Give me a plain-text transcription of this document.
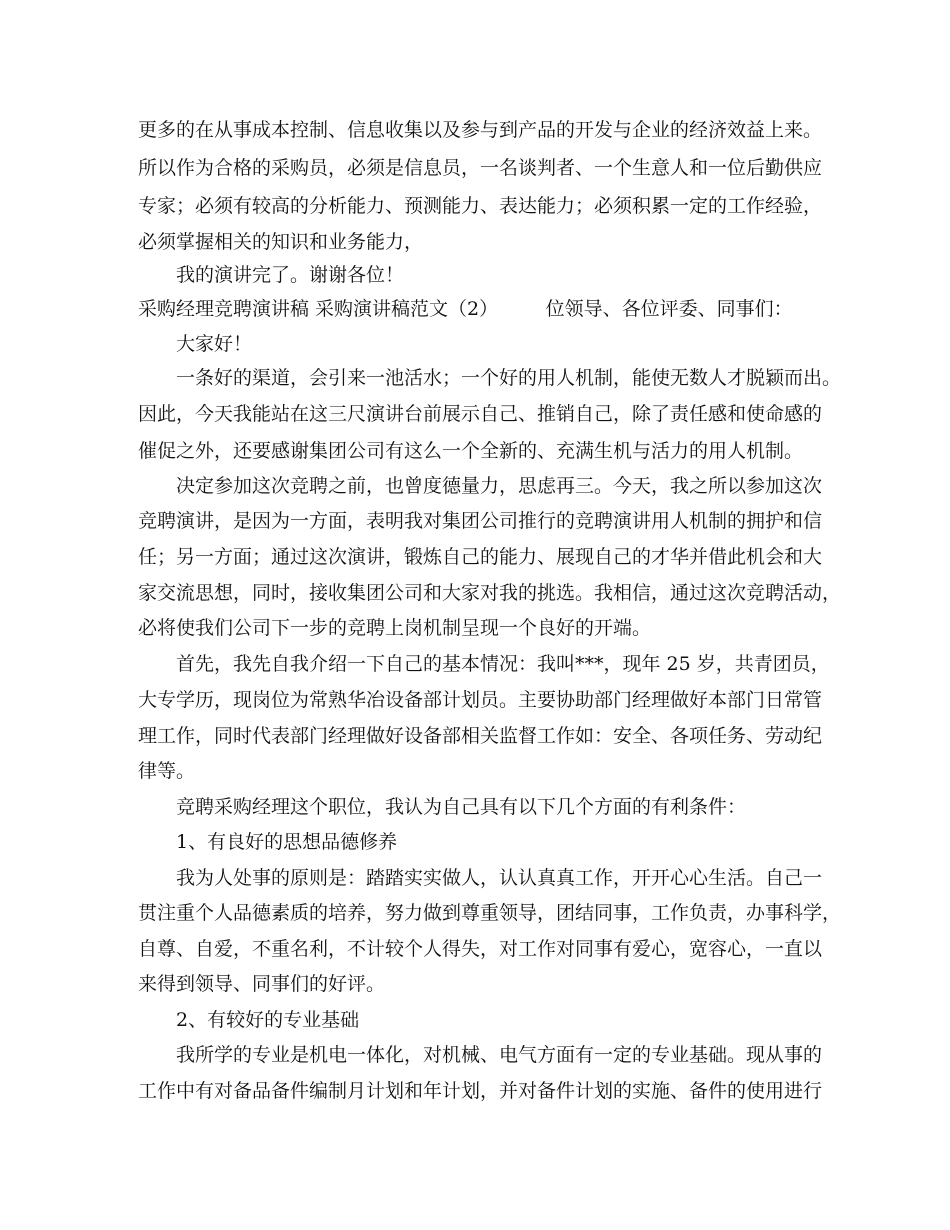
更多的在从事成本控制、信息收集以及参与到产品的开发与企业的经济效益上来。
所以作为合格的采购员，必须是信息员，一名谈判者、一个生意人和一位后勤供应
专家；必须有较高的分析能力、预测能力、表达能力；必须积累一定的工作经验，
必须掌握相关的知识和业务能力，
我的演讲完了。谢谢各位！
采购经理竞聘演讲稿 采购演讲稿范文（2）　　　位领导、各位评委、同事们：
大家好！
一条好的渠道，会引来一池活水；一个好的用人机制，能使无数人才脱颖而出。
因此，今天我能站在这三尺演讲台前展示自己、推销自己，除了责任感和使命感的
催促之外，还要感谢集团公司有这么一个全新的、充满生机与活力的用人机制。
决定参加这次竞聘之前，也曾度德量力，思虑再三。今天，我之所以参加这次
竞聘演讲，是因为一方面，表明我对集团公司推行的竞聘演讲用人机制的拥护和信
任；另一方面；通过这次演讲，锻炼自己的能力、展现自己的才华并借此机会和大
家交流思想，同时，接收集团公司和大家对我的挑选。我相信，通过这次竞聘活动，
必将使我们公司下一步的竞聘上岗机制呈现一个良好的开端。
首先，我先自我介绍一下自己的基本情况：我叫***，现年 25 岁，共青团员，
大专学历，现岗位为常熟华冶设备部计划员。主要协助部门经理做好本部门日常管
理工作，同时代表部门经理做好设备部相关监督工作如：安全、各项任务、劳动纪
律等。
竞聘采购经理这个职位，我认为自己具有以下几个方面的有利条件：
1、有良好的思想品德修养
我为人处事的原则是：踏踏实实做人，认认真真工作，开开心心生活。自己一
贯注重个人品德素质的培养，努力做到尊重领导，团结同事，工作负责，办事科学，
自尊、自爱，不重名利，不计较个人得失，对工作对同事有爱心，宽容心，一直以
来得到领导、同事们的好评。
2、有较好的专业基础
我所学的专业是机电一体化，对机械、电气方面有一定的专业基础。现从事的
工作中有对备品备件编制月计划和年计划，并对备件计划的实施、备件的使用进行
